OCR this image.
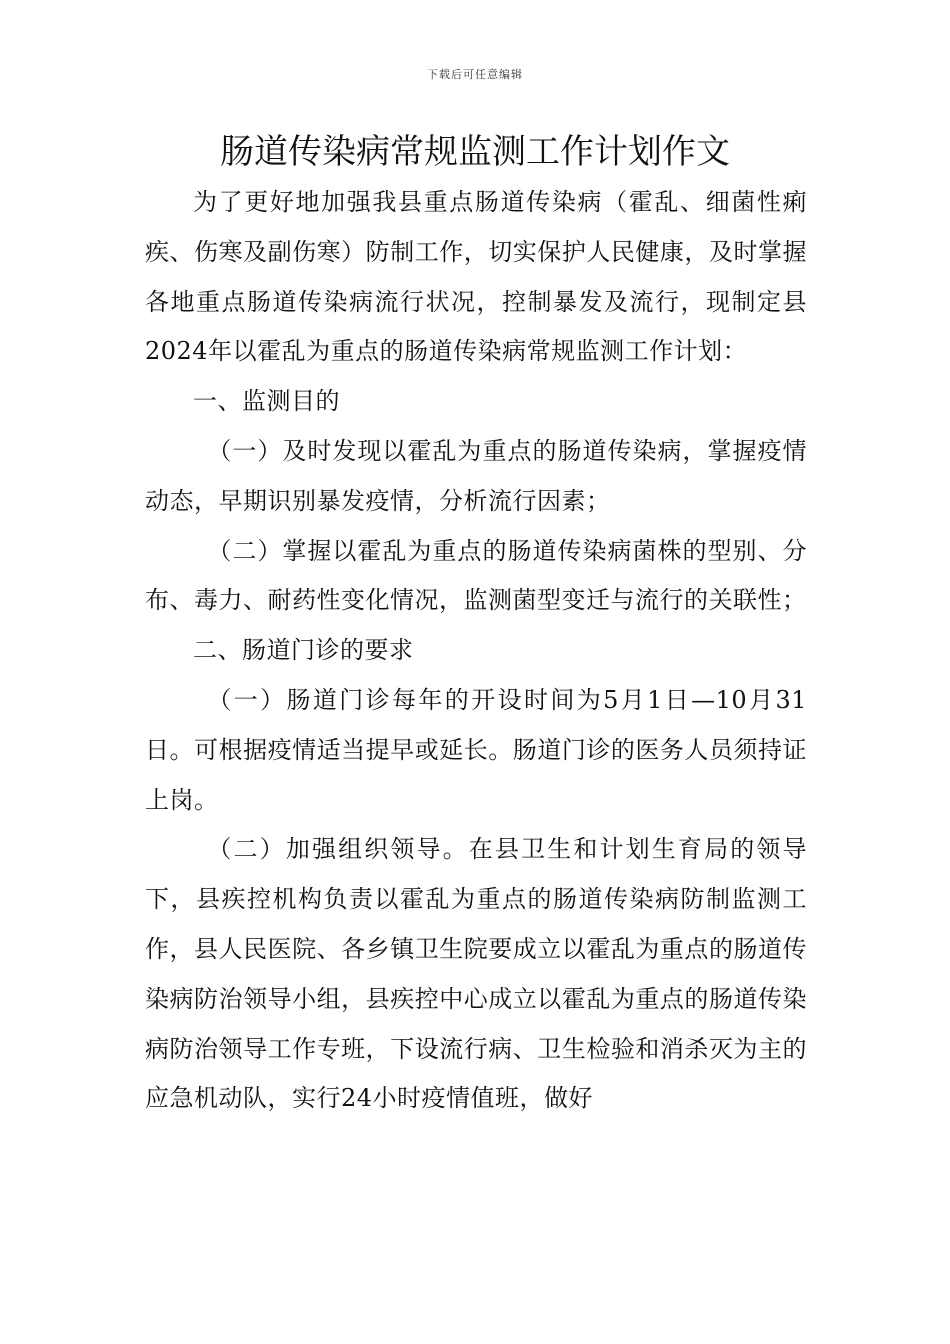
下载后可任意编辑
肠道传染病常规监测工作计划作文

为了更好地加强我县重点肠道传染病（霍乱、细菌性痢疾、伤寒及副伤寒）防制工作，切实保护人民健康，及时掌握各地重点肠道传染病流行状况，控制暴发及流行，现制定县2024年以霍乱为重点的肠道传染病常规监测工作计划：

一、监测目的

（一）及时发现以霍乱为重点的肠道传染病，掌握疫情动态，早期识别暴发疫情，分析流行因素；

（二）掌握以霍乱为重点的肠道传染病菌株的型别、分布、毒力、耐药性变化情况，监测菌型变迁与流行的关联性；

二、肠道门诊的要求

（一）肠道门诊每年的开设时间为5月1日—10月31日。可根据疫情适当提早或延长。肠道门诊的医务人员须持证上岗。

（二）加强组织领导。在县卫生和计划生育局的领导下，县疾控机构负责以霍乱为重点的肠道传染病防制监测工作，县人民医院、各乡镇卫生院要成立以霍乱为重点的肠道传染病防治领导小组，县疾控中心成立以霍乱为重点的肠道传染病防治领导工作专班，下设流行病、卫生检验和消杀灭为主的应急机动队，实行24小时疫情值班，做好
